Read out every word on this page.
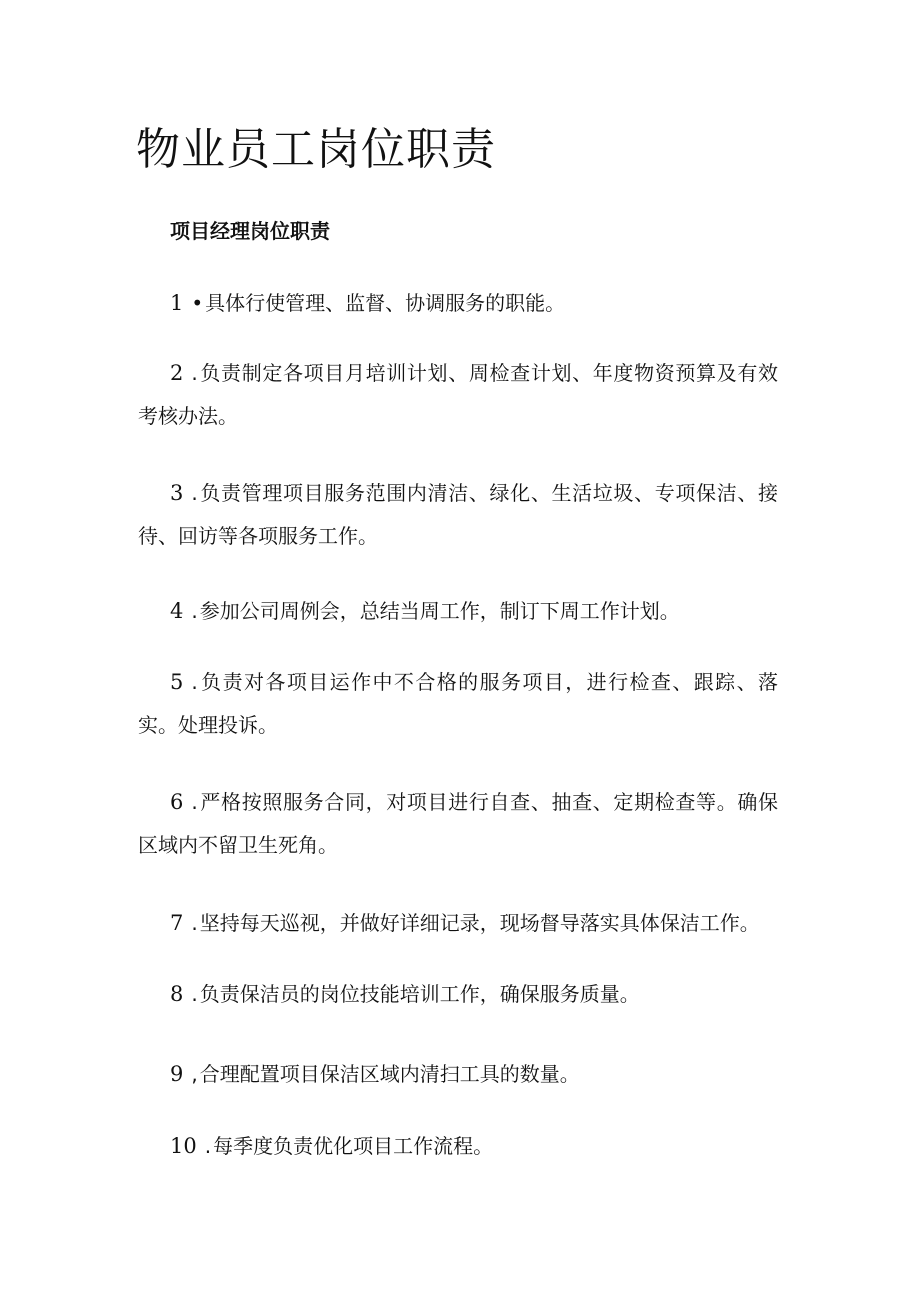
物业员工岗位职责
项目经理岗位职责
1 • 具体行使管理、监督、协调服务的职能。
2 . 负责制定各项目月培训计划、周检查计划、年度物资预算及有效考核办法。
3 . 负责管理项目服务范围内清洁、绿化、生活垃圾、专项保洁、接待、回访等各项服务工作。
4 . 参加公司周例会，总结当周工作，制订下周工作计划。
5 . 负责对各项目运作中不合格的服务项目，进行检查、跟踪、落实。处理投诉。
6 . 严格按照服务合同，对项目进行自查、抽查、定期检查等。确保区域内不留卫生死角。
7 . 坚持每天巡视，并做好详细记录，现场督导落实具体保洁工作。
8 . 负责保洁员的岗位技能培训工作，确保服务质量。
9 , 合理配置项目保洁区域内清扫工具的数量。
10 . 每季度负责优化项目工作流程。
